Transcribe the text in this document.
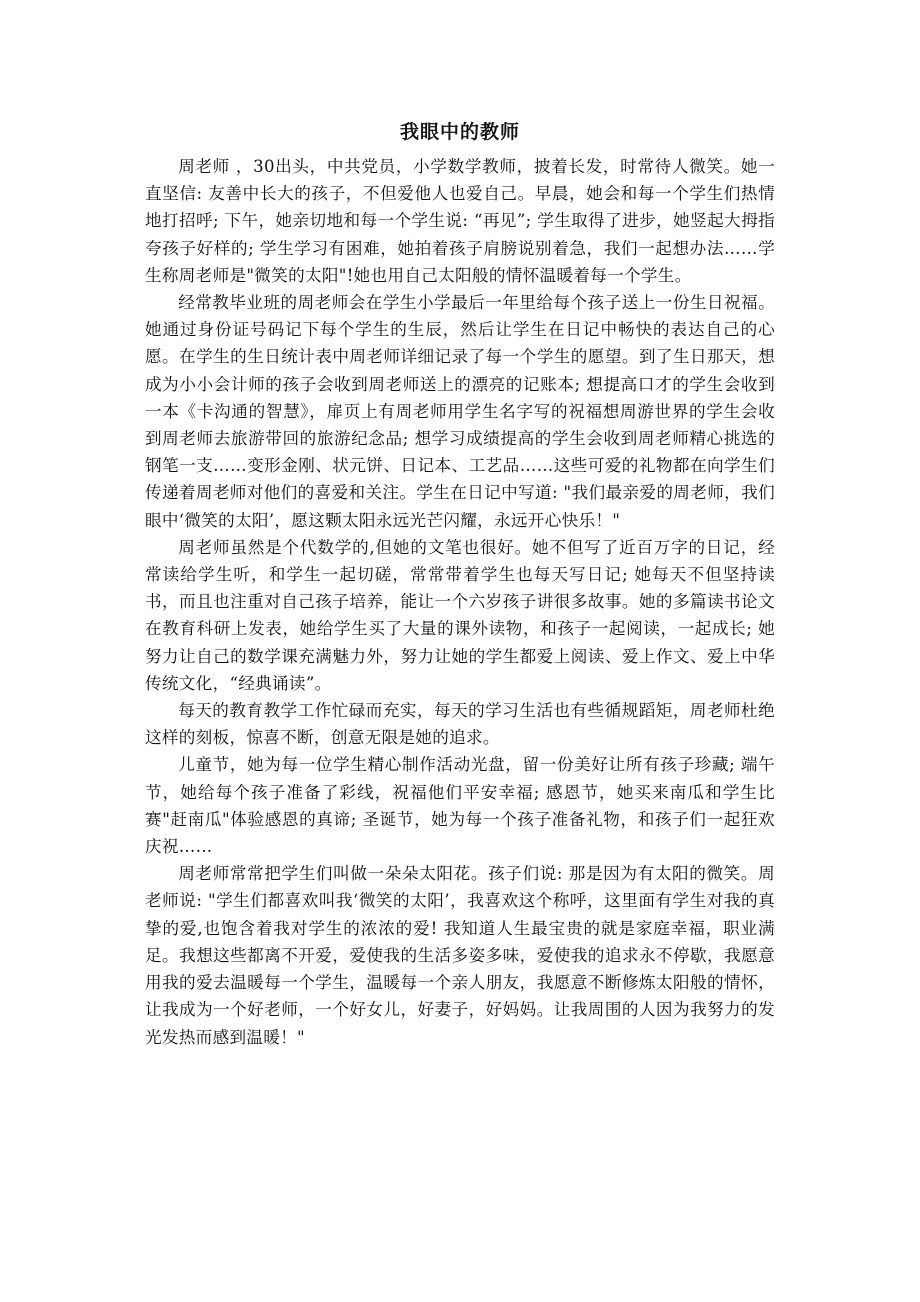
我眼中的教师

周老师 ，30出头，中共党员，小学数学教师，披着长发，时常待人微笑。她一直坚信: 友善中长大的孩子，不但爱他人也爱自己。早晨，她会和每一个学生们热情地打招呼; 下午，她亲切地和每一个学生说: “再见”; 学生取得了进步，她竖起大拇指夸孩子好样的; 学生学习有困难，她拍着孩子肩膀说别着急，我们一起想办法……学生称周老师是"微笑的太阳"!她也用自己太阳般的情怀温暖着每一个学生。

经常教毕业班的周老师会在学生小学最后一年里给每个孩子送上一份生日祝福。她通过身份证号码记下每个学生的生辰，然后让学生在日记中畅快的表达自己的心愿。在学生的生日统计表中周老师详细记录了每一个学生的愿望。到了生日那天，想成为小小会计师的孩子会收到周老师送上的漂亮的记账本; 想提高口才的学生会收到一本《卡沟通的智慧》，扉页上有周老师用学生名字写的祝福想周游世界的学生会收到周老师去旅游带回的旅游纪念品; 想学习成绩提高的学生会收到周老师精心挑选的钢笔一支……变形金刚、状元饼、日记本、工艺品……这些可爱的礼物都在向学生们传递着周老师对他们的喜爱和关注。学生在日记中写道: "我们最亲爱的周老师，我们眼中‘微笑的太阳’，愿这颗太阳永远光芒闪耀，永远开心快乐！"

周老师虽然是个代数学的,但她的文笔也很好。她不但写了近百万字的日记，经常读给学生听，和学生一起切磋，常常带着学生也每天写日记; 她每天不但坚持读书，而且也注重对自己孩子培养，能让一个六岁孩子讲很多故事。她的多篇读书论文在教育科研上发表，她给学生买了大量的课外读物，和孩子一起阅读，一起成长; 她努力让自己的数学课充满魅力外，努力让她的学生都爱上阅读、爱上作文、爱上中华传统文化，“经典诵读”。

每天的教育教学工作忙碌而充实，每天的学习生活也有些循规蹈矩，周老师杜绝这样的刻板，惊喜不断，创意无限是她的追求。

儿童节，她为每一位学生精心制作活动光盘，留一份美好让所有孩子珍藏; 端午节，她给每个孩子准备了彩线，祝福他们平安幸福; 感恩节，她买来南瓜和学生比赛"赶南瓜"体验感恩的真谛; 圣诞节，她为每一个孩子准备礼物，和孩子们一起狂欢庆祝……

周老师常常把学生们叫做一朵朵太阳花。孩子们说: 那是因为有太阳的微笑。周老师说: "学生们都喜欢叫我‘微笑的太阳’，我喜欢这个称呼，这里面有学生对我的真挚的爱,也饱含着我对学生的浓浓的爱! 我知道人生最宝贵的就是家庭幸福，职业满足。我想这些都离不开爱，爱使我的生活多姿多味，爱使我的追求永不停歇，我愿意用我的爱去温暖每一个学生，温暖每一个亲人朋友，我愿意不断修炼太阳般的情怀，让我成为一个好老师，一个好女儿，好妻子，好妈妈。让我周围的人因为我努力的发光发热而感到温暖！"
